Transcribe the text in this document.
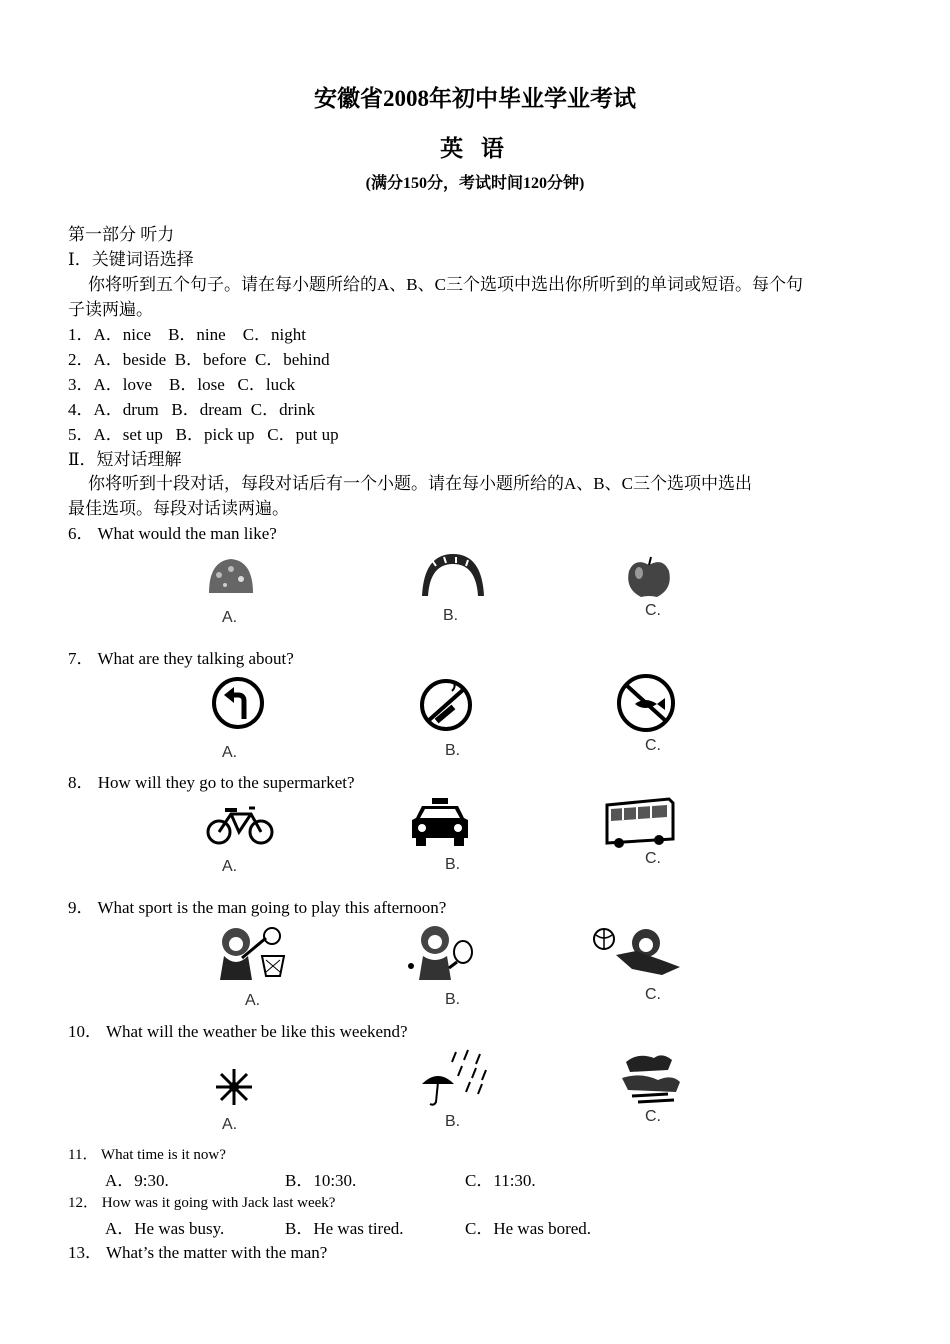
安徽省2008年初中毕业学业考试
英 语
(满分150分，考试时间120分钟)
第一部分 听力
Ⅰ．关键词语选择
你将听到五个句子。请在每小题所给的A、B、C三个选项中选出你所听到的单词或短语。每个句
子读两遍。
1．A．nice    B．nine    C．night
2．A．beside  B．before  C．behind
3．A．love    B．lose   C．luck
4．A．drum   B．dream  C．drink
5．A．set up   B．pick up   C．put up
Ⅱ．短对话理解
你将听到十段对话，每段对话后有一个小题。请在每小题所给的A、B、C三个选项中选出
最佳选项。每段对话读两遍。
6． What would the man like?
A.	B.	C.
7． What are they talking about?
A.	B.	C.
8． How will they go to the supermarket?
A.	B.	C.
9． What sport is the man going to play this afternoon?
A.	B.	C.
10． What will the weather be like this weekend?
A.	B.	C.
11． What time is it now?
A．9:30.	B．10:30.	C．11:30.
12． How was it going with Jack last week?
A．He was busy.	B．He was tired.	C．He was bored.
13． What’s the matter with the man?
